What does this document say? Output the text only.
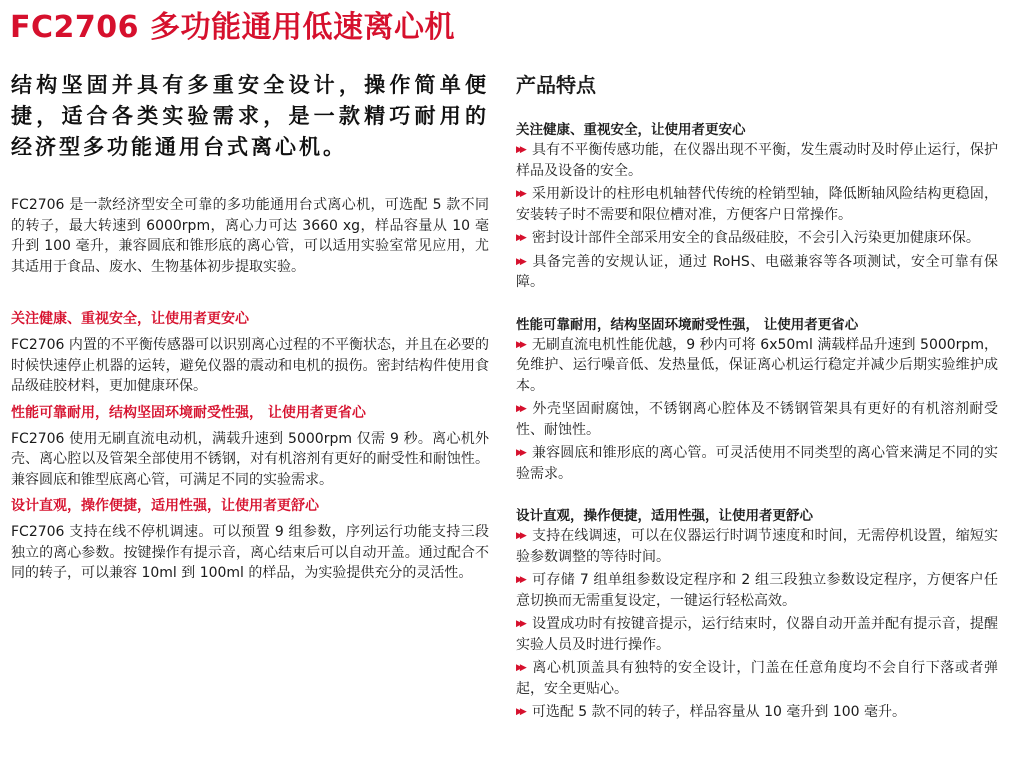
FC2706 多功能通用低速离心机

结构坚固并具有多重安全设计，操作简单便捷，适合各类实验需求，是一款精巧耐用的经济型多功能通用台式离心机。

FC2706 是一款经济型安全可靠的多功能通用台式离心机，可选配 5 款不同的转子，最大转速到 6000rpm，离心力可达 3660 xg，样品容量从 10 毫升到 100 毫升，兼容圆底和锥形底的离心管，可以适用实验室常见应用，尤其适用于食品、废水、生物基体初步提取实验。

关注健康、重视安全，让使用者更安心

FC2706 内置的不平衡传感器可以识别离心过程的不平衡状态，并且在必要的时候快速停止机器的运转，避免仪器的震动和电机的损伤。密封结构件使用食品级硅胶材料，更加健康环保。

性能可靠耐用，结构坚固环境耐受性强， 让使用者更省心

FC2706 使用无刷直流电动机，满载升速到 5000rpm 仅需 9 秒。离心机外壳、离心腔以及管架全部使用不锈钢，对有机溶剂有更好的耐受性和耐蚀性。兼容圆底和锥型底离心管，可满足不同的实验需求。

设计直观，操作便捷，适用性强，让使用者更舒心

FC2706 支持在线不停机调速。可以预置 9 组参数，序列运行功能支持三段独立的离心参数。按键操作有提示音，离心结束后可以自动开盖。通过配合不同的转子，可以兼容 10ml 到 100ml 的样品，为实验提供充分的灵活性。

产品特点
关注健康、重视安全，让使用者更安心
▶▶ 具有不平衡传感功能，在仪器出现不平衡，发生震动时及时停止运行，保护样品及设备的安全。
▶▶ 采用新设计的柱形电机轴替代传统的栓销型轴，降低断轴风险结构更稳固，安装转子时不需要和限位槽对准，方便客户日常操作。
▶▶ 密封设计部件全部采用安全的食品级硅胶，不会引入污染更加健康环保。
▶▶ 具备完善的安规认证，通过 RoHS、电磁兼容等各项测试，安全可靠有保障。
性能可靠耐用，结构坚固环境耐受性强， 让使用者更省心
▶▶ 无刷直流电机性能优越，9 秒内可将 6x50ml 满载样品升速到 5000rpm，免维护、运行噪音低、发热量低，保证离心机运行稳定并减少后期实验维护成本。
▶▶ 外壳坚固耐腐蚀，不锈钢离心腔体及不锈钢管架具有更好的有机溶剂耐受性、耐蚀性。
▶▶ 兼容圆底和锥形底的离心管。可灵活使用不同类型的离心管来满足不同的实验需求。
设计直观，操作便捷，适用性强，让使用者更舒心
▶▶ 支持在线调速，可以在仪器运行时调节速度和时间，无需停机设置，缩短实验参数调整的等待时间。
▶▶ 可存储 7 组单组参数设定程序和 2 组三段独立参数设定程序，方便客户任意切换而无需重复设定，一键运行轻松高效。
▶▶ 设置成功时有按键音提示，运行结束时，仪器自动开盖并配有提示音，提醒实验人员及时进行操作。
▶▶ 离心机顶盖具有独特的安全设计，门盖在任意角度均不会自行下落或者弹起，安全更贴心。
▶▶ 可选配 5 款不同的转子，样品容量从 10 毫升到 100 毫升。
